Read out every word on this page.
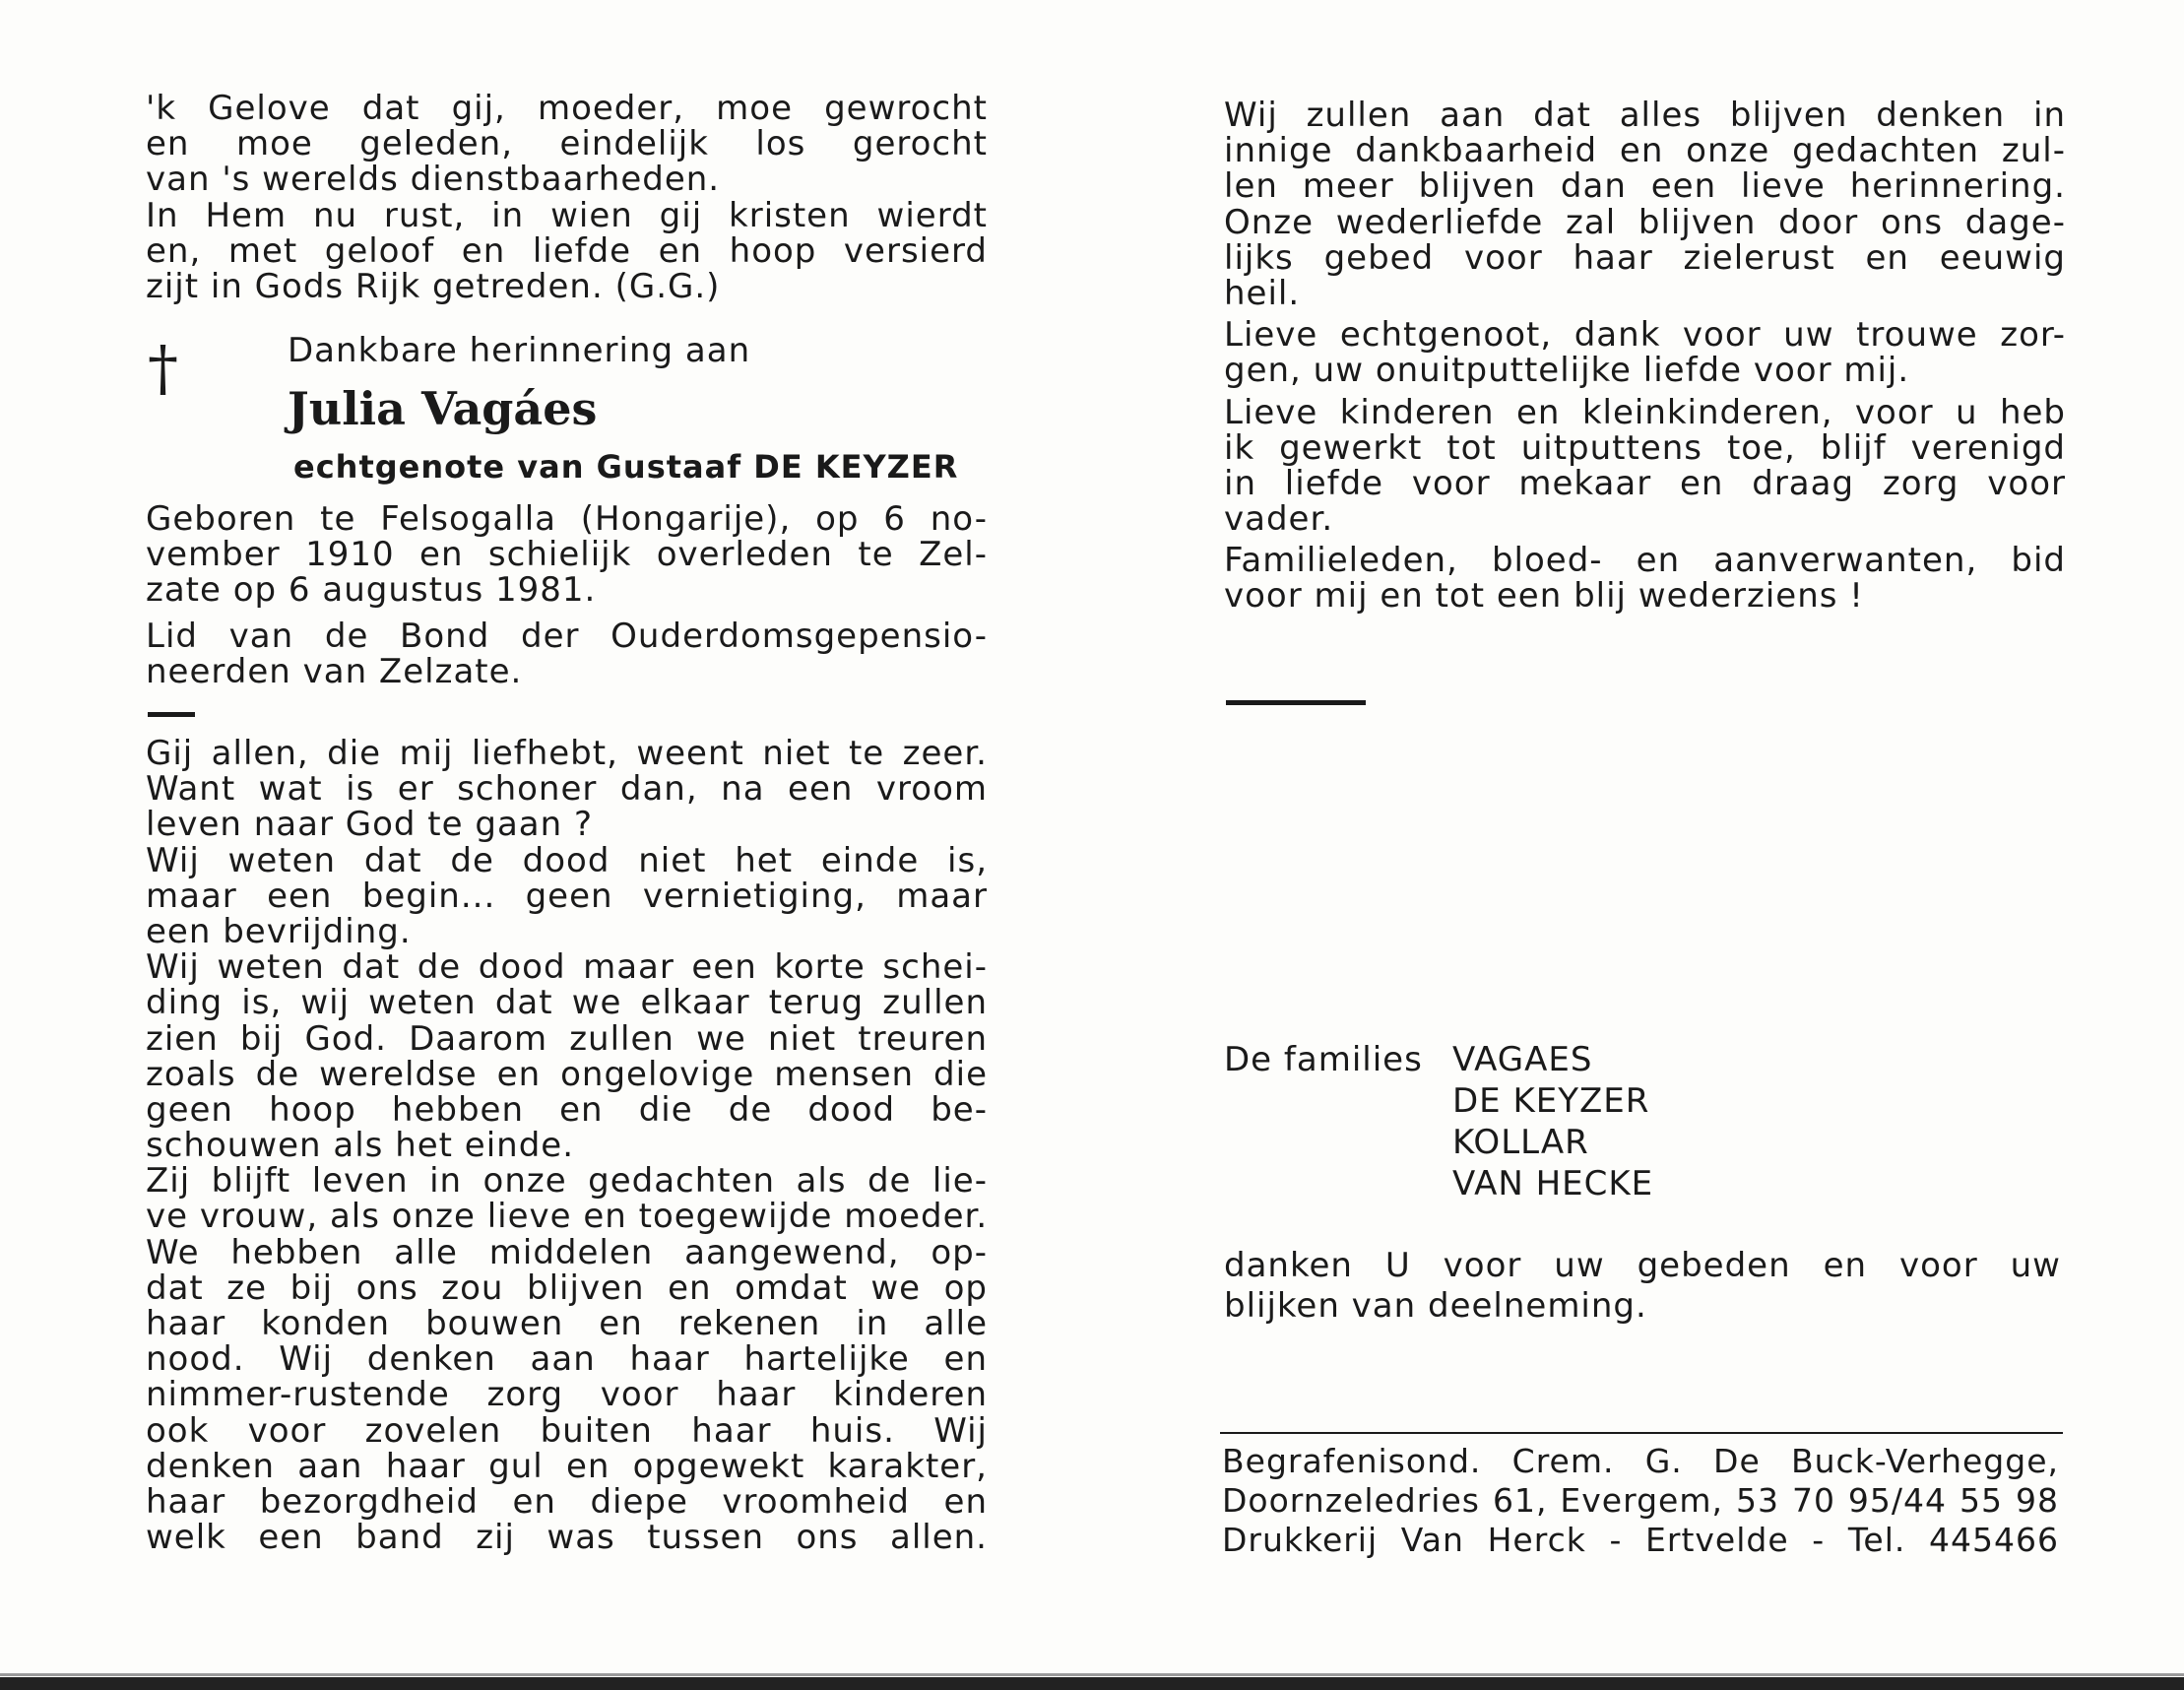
'k Gelove dat gij, moeder, moe gewrocht
en moe geleden, eindelijk los gerocht
van 's werelds dienstbaarheden.
In Hem nu rust, in wien gij kristen wierdt
en, met geloof en liefde en hoop versierd
zijt in Gods Rijk getreden. (G.G.)
†	Dankbare herinnering aan
Julia Vagáes
echtgenote van Gustaaf DE KEYZER
Geboren te Felsogalla (Hongarije), op 6 no-
vember 1910 en schielijk overleden te Zel-
zate op 6 augustus 1981.
Lid van de Bond der Ouderdomsgepensio-
neerden van Zelzate.
Gij allen, die mij liefhebt, weent niet te zeer.
Want wat is er schoner dan, na een vroom
leven naar God te gaan ?
Wij weten dat de dood niet het einde is,
maar een begin... geen vernietiging, maar
een bevrijding.
Wij weten dat de dood maar een korte schei-
ding is, wij weten dat we elkaar terug zullen
zien bij God. Daarom zullen we niet treuren
zoals de wereldse en ongelovige mensen die
geen hoop hebben en die de dood be-
schouwen als het einde.
Zij blijft leven in onze gedachten als de lie-
ve vrouw, als onze lieve en toegewijde moeder.
We hebben alle middelen aangewend, op-
dat ze bij ons zou blijven en omdat we op
haar konden bouwen en rekenen in alle
nood. Wij denken aan haar hartelijke en
nimmer-rustende zorg voor haar kinderen
ook voor zovelen buiten haar huis. Wij
denken aan haar gul en opgewekt karakter,
haar bezorgdheid en diepe vroomheid en
welk een band zij was tussen ons allen.
Wij zullen aan dat alles blijven denken in
innige dankbaarheid en onze gedachten zul-
len meer blijven dan een lieve herinnering.
Onze wederliefde zal blijven door ons dage-
lijks gebed voor haar zielerust en eeuwig
heil.
Lieve echtgenoot, dank voor uw trouwe zor-
gen, uw onuitputtelijke liefde voor mij.
Lieve kinderen en kleinkinderen, voor u heb
ik gewerkt tot uitputtens toe, blijf verenigd
in liefde voor mekaar en draag zorg voor
vader.
Familieleden, bloed- en aanverwanten, bid
voor mij en tot een blij wederziens !
De families VAGAES
DE KEYZER
KOLLAR
VAN HECKE
danken U voor uw gebeden en voor uw
blijken van deelneming.
Begrafenisond. Crem. G. De Buck-Verhegge,
Doornzeledries 61, Evergem, 53 70 95/44 55 98
Drukkerij Van Herck - Ertvelde - Tel. 445466
